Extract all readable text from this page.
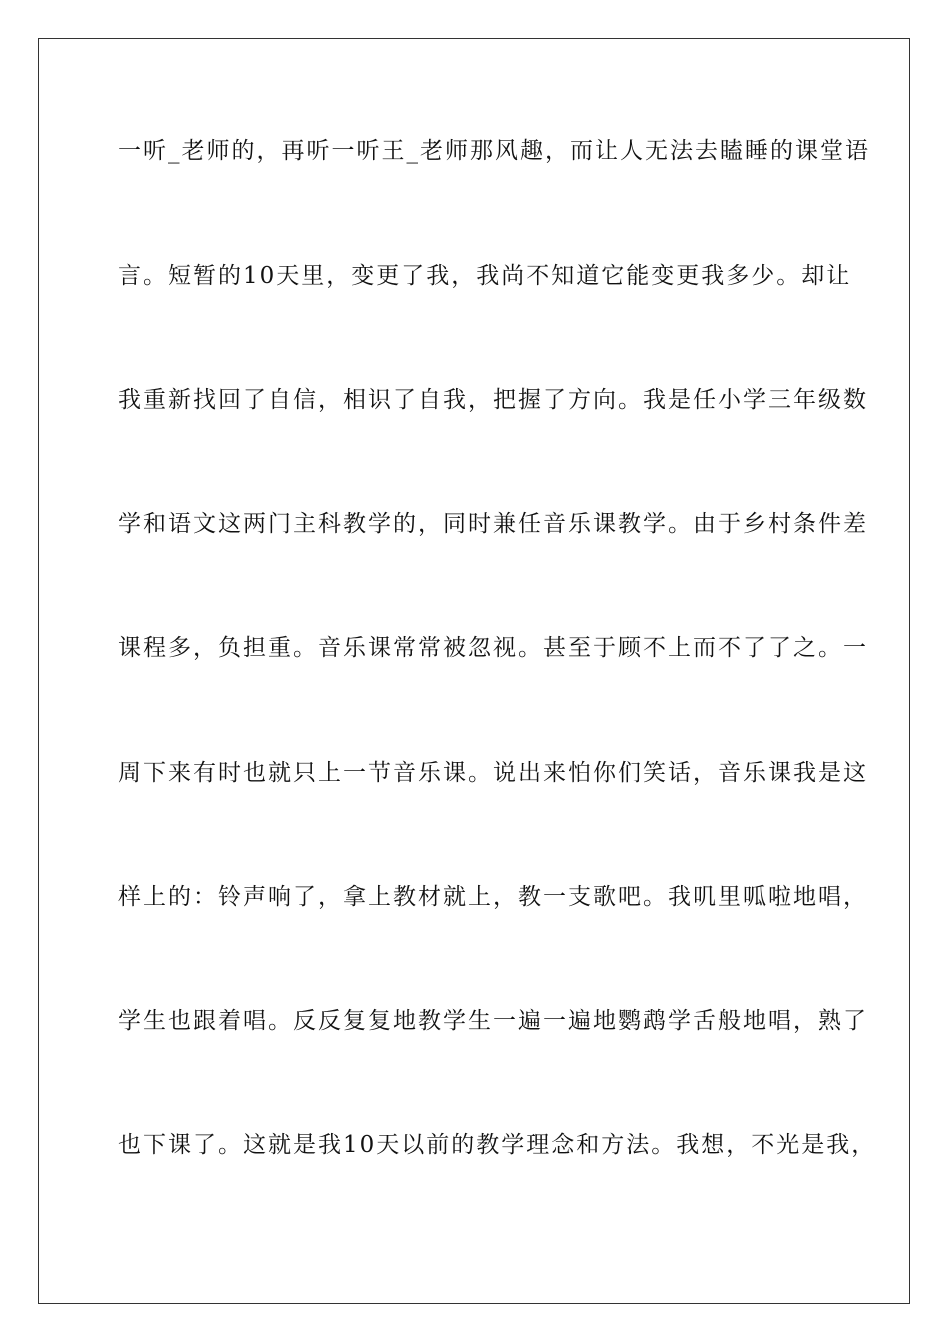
一听_老师的，再听一听王_老师那风趣，而让人无法去瞌睡的课堂语
言。短暂的10天里，变更了我，我尚不知道它能变更我多少。却让
我重新找回了自信，相识了自我，把握了方向。我是任小学三年级数
学和语文这两门主科教学的，同时兼任音乐课教学。由于乡村条件差
课程多，负担重。音乐课常常被忽视。甚至于顾不上而不了了之。一
周下来有时也就只上一节音乐课。说出来怕你们笑话，音乐课我是这
样上的：铃声响了，拿上教材就上，教一支歌吧。我叽里呱啦地唱，
学生也跟着唱。反反复复地教学生一遍一遍地鹦鹉学舌般地唱，熟了
也下课了。这就是我10天以前的教学理念和方法。我想，不光是我，
